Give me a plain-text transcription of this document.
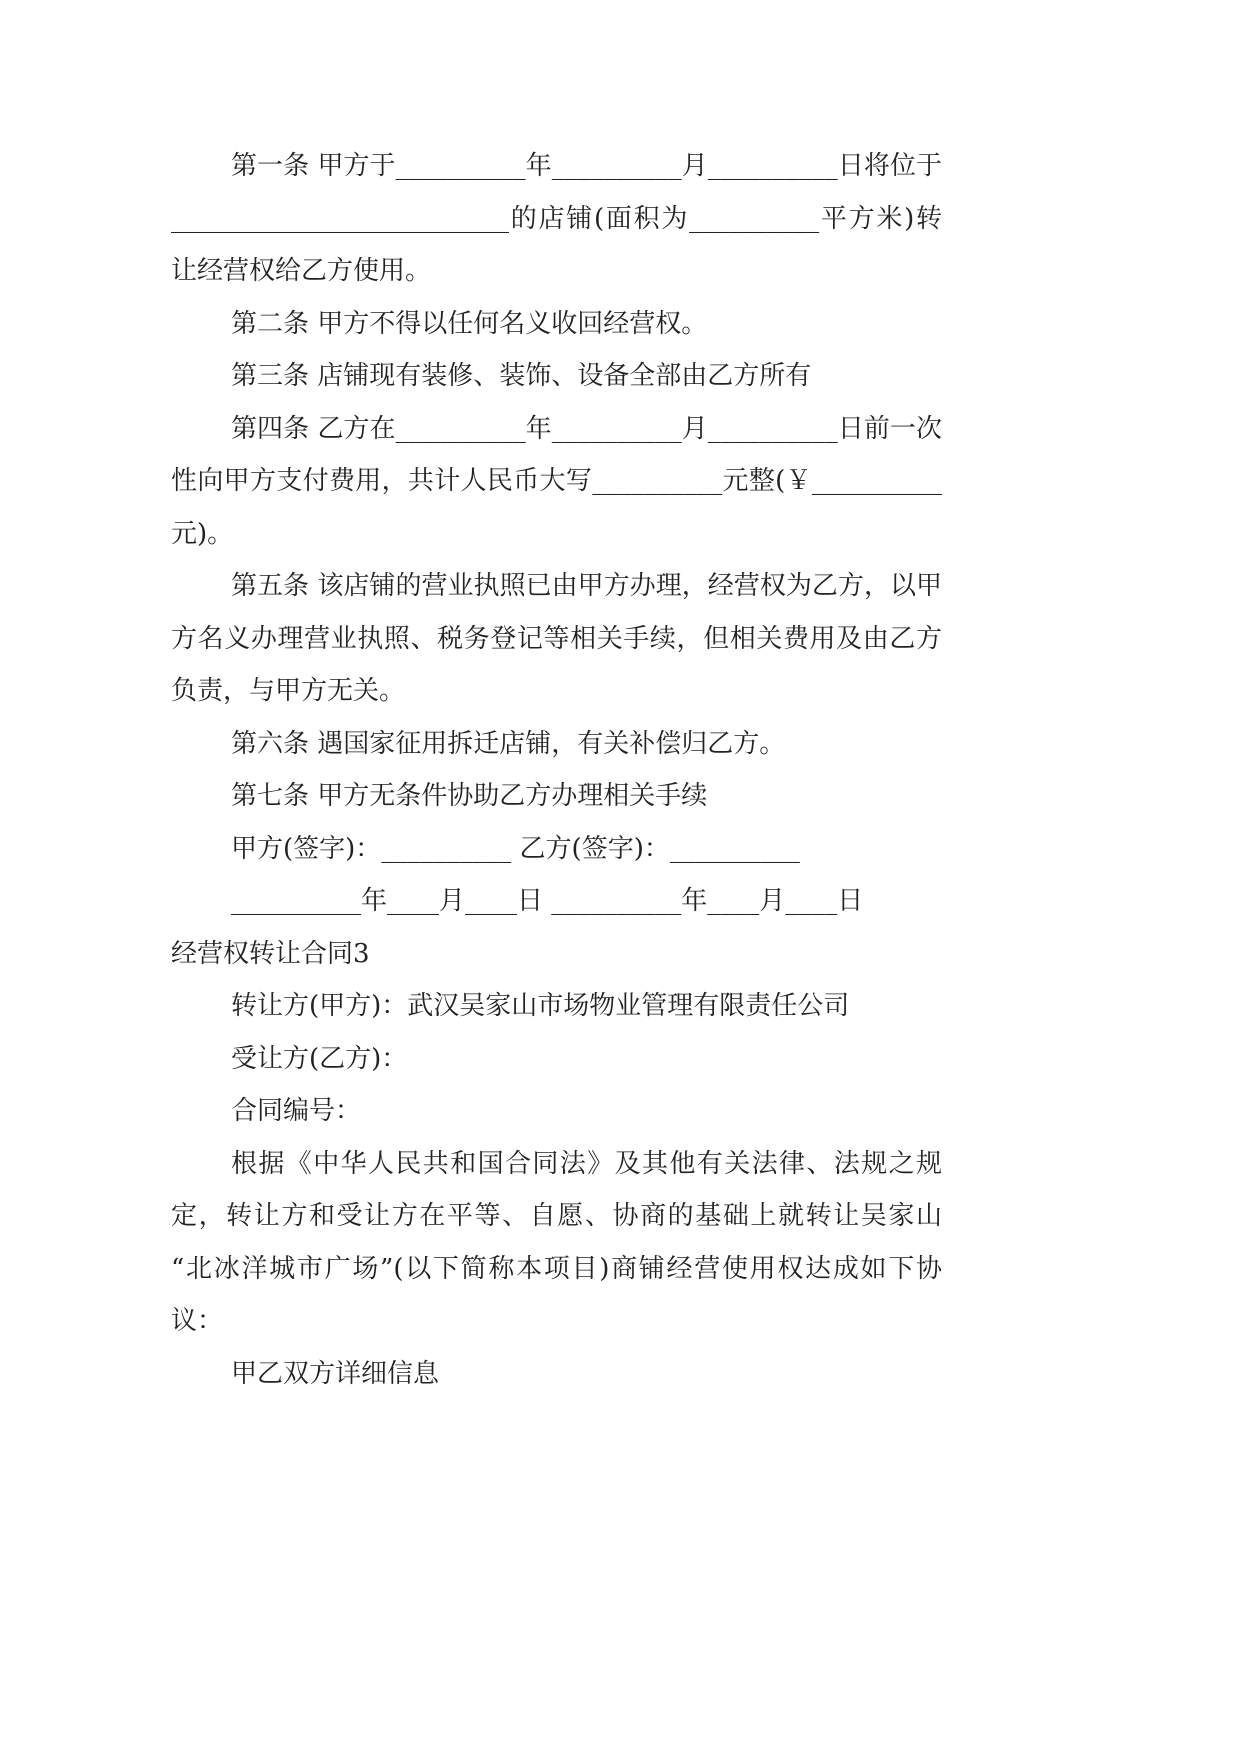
第一条 甲方于__________年__________月__________日将位于__________________________的店铺(面积为__________平方米)转让经营权给乙方使用。

第二条 甲方不得以任何名义收回经营权。

第三条 店铺现有装修、装饰、设备全部由乙方所有

第四条 乙方在__________年__________月__________日前一次性向甲方支付费用，共计人民币大写__________元整(￥__________元)。

第五条 该店铺的营业执照已由甲方办理，经营权为乙方，以甲方名义办理营业执照、税务登记等相关手续，但相关费用及由乙方负责，与甲方无关。

第六条 遇国家征用拆迁店铺，有关补偿归乙方。

第七条 甲方无条件协助乙方办理相关手续

甲方(签字)：__________ 乙方(签字)：__________

__________年____月____日 __________年____月____日

经营权转让合同3

转让方(甲方)：武汉吴家山市场物业管理有限责任公司

受让方(乙方)：

合同编号：

根据《中华人民共和国合同法》及其他有关法律、法规之规定，转让方和受让方在平等、自愿、协商的基础上就转让吴家山 “北冰洋城市广场”(以下简称本项目)商铺经营使用权达成如下协议：

甲乙双方详细信息
